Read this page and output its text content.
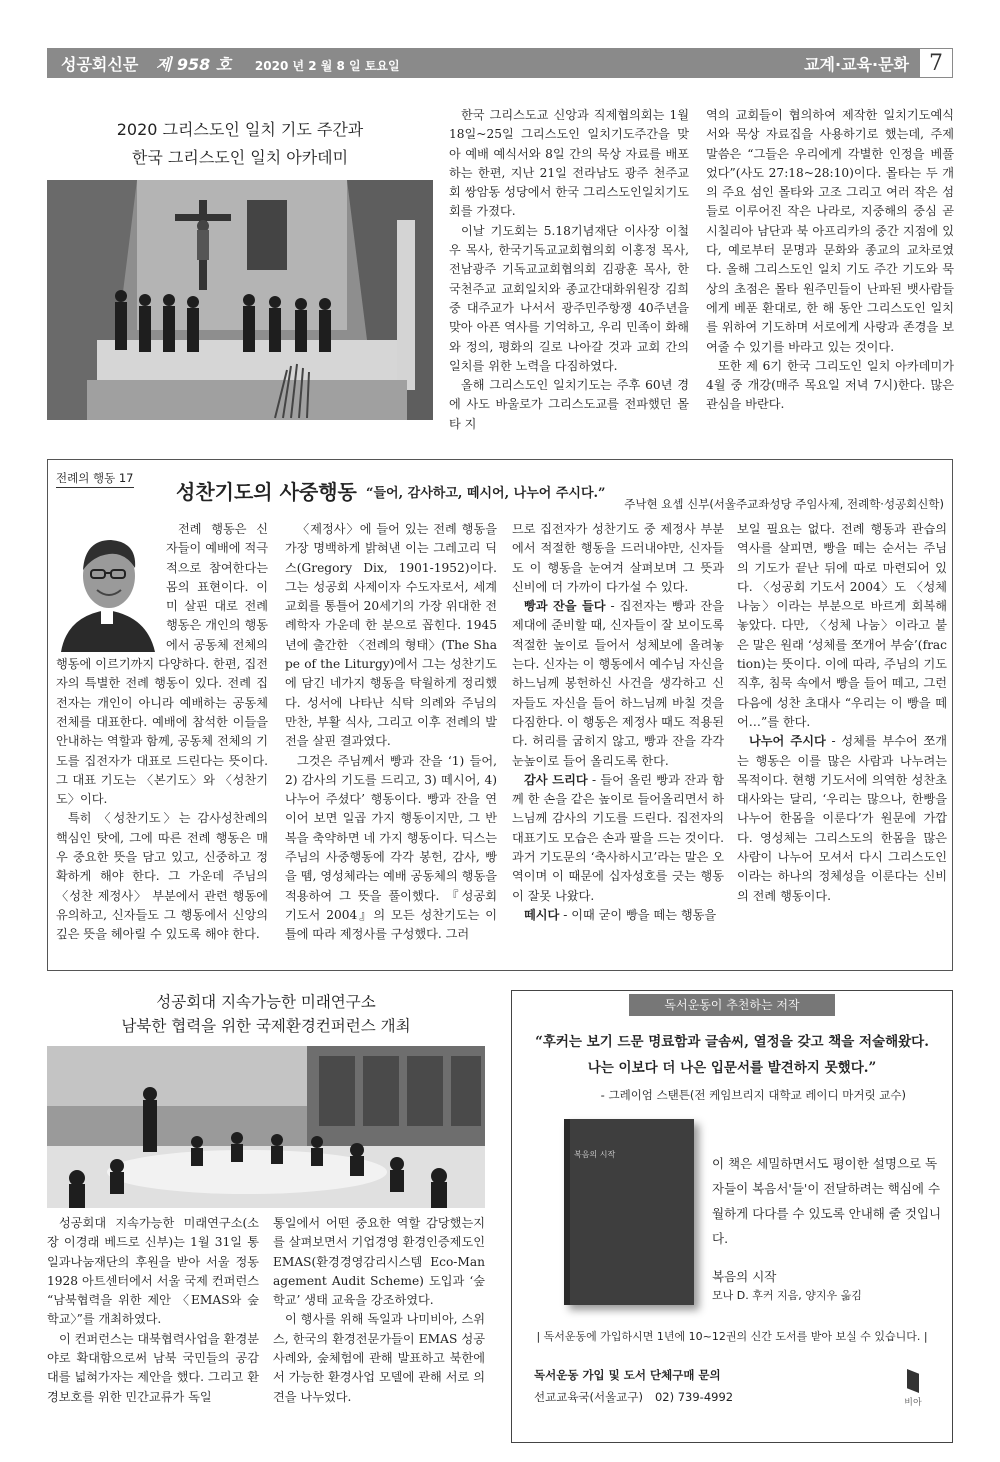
성공회신문 제 958 호 2020 년 2 월 8 일 토요일	교계·교육·문화 7
2020 그리스도인 일치 기도 주간과
한국 그리스도인 일치 아카데미

한국 그리스도교 신앙과 직제협의회는 1월 18일~25일 그리스도인 일치기도주간을 맞아 예배 예식서와 8일 간의 묵상 자료를 배포하는 한편, 지난 21일 전라남도 광주 천주교회 쌍암동 성당에서 한국 그리스도인일치기도회를 가졌다.

이날 기도회는 5.18기념재단 이사장 이철우 목사, 한국기독교교회협의회 이홍정 목사, 전남광주 기독교교회협의회 김광훈 목사, 한국천주교 교회일치와 종교간대화위원장 김희중 대주교가 나서서 광주민주항쟁 40주년을 맞아 아픈 역사를 기억하고, 우리 민족이 화해와 정의, 평화의 길로 나아갈 것과 교회 간의 일치를 위한 노력을 다짐하였다.

올해 그리스도인 일치기도는 주후 60년 경에 사도 바울로가 그리스도교를 전파했던 몰타 지

역의 교회들이 협의하여 제작한 일치기도예식서와 묵상 자료집을 사용하기로 했는데, 주제 말씀은 “그들은 우리에게 각별한 인정을 베풀었다”(사도 27:18~28:10)이다. 몰타는 두 개의 주요 섬인 몰타와 고조 그리고 여러 작은 섬들로 이루어진 작은 나라로, 지중해의 중심 곧 시칠리아 남단과 북 아프리카의 중간 지점에 있다, 예로부터 문명과 문화와 종교의 교차로였다. 올해 그리스도인 일치 기도 주간 기도와 묵상의 초점은 몰타 원주민들이 난파된 뱃사람들에게 베푼 환대로, 한 해 동안 그리스도인 일치를 위하여 기도하며 서로에게 사랑과 존경을 보여줄 수 있기를 바라고 있는 것이다.

또한 제 6기 한국 그리도인 일치 아카데미가 4월 중 개강(매주 목요일 저녁 7시)한다. 많은 관심을 바란다.

전례의 행동 17
성찬기도의 사중행동 “들어, 감사하고, 떼시어, 나누어 주시다.”
주낙현 요셉 신부(서울주교좌성당 주임사제, 전례학·성공회신학)

전례 행동은 신자들이 예배에 적극적으로 참여한다는 몸의 표현이다. 이미 살핀 대로 전례 행동은 개인의 행동에서 공동체 전체의 행동에 이르기까지 다양하다. 한편, 집전자의 특별한 전례 행동이 있다. 전례 집전자는 개인이 아니라 예배하는 공동체 전체를 대표한다. 예배에 참석한 이들을 안내하는 역할과 함께, 공동체 전체의 기도를 집전자가 대표로 드린다는 뜻이다. 그 대표 기도는 〈본기도〉와 〈성찬기도〉이다.

특히 〈성찬기도〉는 감사성찬례의 핵심인 탓에, 그에 따른 전례 행동은 매우 중요한 뜻을 담고 있고, 신중하고 정확하게 해야 한다. 그 가운데 주님의 〈성찬 제정사〉 부분에서 관련 행동에 유의하고, 신자들도 그 행동에서 신앙의 깊은 뜻을 헤아릴 수 있도록 해야 한다.

〈제정사〉에 들어 있는 전례 행동을 가장 명백하게 밝혀낸 이는 그레고리 딕스(Gregory Dix, 1901-1952)이다. 그는 성공회 사제이자 수도자로서, 세계 교회를 통틀어 20세기의 가장 위대한 전례학자 가운데 한 분으로 꼽힌다. 1945년에 출간한 〈전례의 형태〉(The Shape of the Liturgy)에서 그는 성찬기도에 담긴 네가지 행동을 탁월하게 정리했다. 성서에 나타난 식탁 의례와 주님의 만찬, 부활 식사, 그리고 이후 전례의 발전을 살핀 결과였다.

그것은 주님께서 빵과 잔을 ‘1) 들어, 2) 감사의 기도를 드리고, 3) 떼시어, 4) 나누어 주셨다’ 행동이다. 빵과 잔을 연이어 보면 일곱 가지 행동이지만, 그 반복을 축약하면 네 가지 행동이다. 딕스는 주님의 사중행동에 각각 봉헌, 감사, 빵을 뗌, 영성체라는 예배 공동체의 행동을 적용하여 그 뜻을 풀이했다. 『성공회 기도서 2004』의 모든 성찬기도는 이 틀에 따라 제정사를 구성했다. 그러

므로 집전자가 성찬기도 중 제정사 부분에서 적절한 행동을 드러내야만, 신자들도 이 행동을 눈여겨 살펴보며 그 뜻과 신비에 더 가까이 다가설 수 있다.

빵과 잔을 들다 - 집전자는 빵과 잔을 제대에 준비할 때, 신자들이 잘 보이도록 적절한 높이로 들어서 성체보에 올려놓는다. 신자는 이 행동에서 예수님 자신을 하느님께 봉헌하신 사건을 생각하고 신자들도 자신을 들어 하느님께 바칠 것을 다짐한다. 이 행동은 제정사 때도 적용된다. 허리를 굽히지 않고, 빵과 잔을 각각 눈높이로 들어 올리도록 한다.

감사 드리다 - 들어 올린 빵과 잔과 함께 한 손을 같은 높이로 들어올리면서 하느님께 감사의 기도를 드린다. 집전자의 대표기도 모습은 손과 팔을 드는 것이다. 과거 기도문의 ‘축사하시고’라는 말은 오역이며 이 때문에 십자성호를 긋는 행동이 잘못 나왔다.

떼시다 - 이때 굳이 빵을 떼는 행동을

보일 필요는 없다. 전례 행동과 관습의 역사를 살피면, 빵을 떼는 순서는 주님의 기도가 끝난 뒤에 따로 마련되어 있다. 〈성공회 기도서 2004〉도 〈성체 나눔〉이라는 부분으로 바르게 회복해 놓았다. 다만, 〈성체 나눔〉이라고 붙은 말은 원래 ‘성체를 쪼개어 부숨’(fraction)는 뜻이다. 이에 따라, 주님의 기도 직후, 침묵 속에서 빵을 들어 떼고, 그런 다음에 성찬 초대사 “우리는 이 빵을 떼어…”를 한다.

나누어 주시다 - 성체를 부수어 쪼개는 행동은 이를 많은 사람과 나누려는 목적이다. 현행 기도서에 의역한 성찬초대사와는 달리, ‘우리는 많으나, 한빵을 나누어 한몸을 이룬다’가 원문에 가깝다. 영성체는 그리스도의 한몸을 많은 사람이 나누어 모셔서 다시 그리스도인이라는 하나의 정체성을 이룬다는 신비의 전례 행동이다.

성공회대 지속가능한 미래연구소
남북한 협력을 위한 국제환경컨퍼런스 개최

성공회대 지속가능한 미래연구소(소장 이경래 베드로 신부)는 1월 31일 통일과나눔재단의 후원을 받아 서울 정동 1928 아트센터에서 서울 국제 컨퍼런스 “남북협력을 위한 제안 〈EMAS와 숲학교〉”를 개최하였다.

이 컨퍼런스는 대북협력사업을 환경분야로 확대함으로써 남북 국민들의 공감대를 넓혀가자는 제안을 했다. 그리고 환경보호를 위한 민간교류가 독일

통일에서 어떤 중요한 역할 감당했는지를 살펴보면서 기업경영 환경인증제도인 EMAS(환경경영감리시스템 Eco-Management Audit Scheme) 도입과 ‘숲 학교’ 생태 교육을 강조하였다.

이 행사를 위해 독일과 나미비아, 스위스, 한국의 환경전문가들이 EMAS 성공사례와, 숲체험에 관해 발표하고 북한에서 가능한 환경사업 모델에 관해 서로 의견을 나누었다.

독서운동이 추천하는 저작
“후커는 보기 드문 명료함과 글솜씨, 열정을 갖고 책을 저술해왔다.
나는 이보다 더 나은 입문서를 발견하지 못했다.”
- 그레이엄 스탠튼(전 케임브리지 대학교 레이디 마거릿 교수)
복음의 시작
이 책은 세밀하면서도 평이한 설명으로 독자들이 복음서'들'이 전달하려는 핵심에 수월하게 다다를 수 있도록 안내해 줄 것입니다.
복음의 시작
모나 D. 후커 지음, 양지우 옮김
| 독서운동에 가입하시면 1년에 10~12권의 신간 도서를 받아 보실 수 있습니다. |
독서운동 가입 및 도서 단체구매 문의
선교교육국(서울교구) 02) 739-4992	비아
